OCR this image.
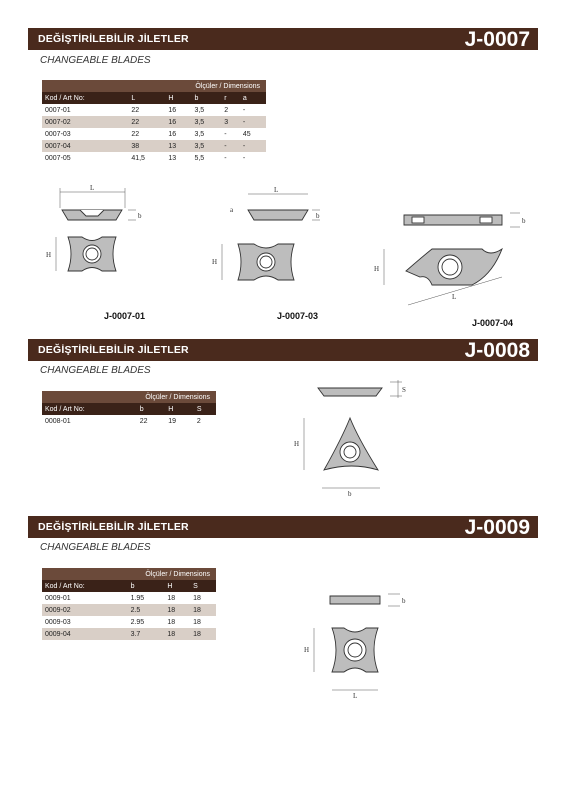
DEĞİŞTİRİLEBİLİR JİLETLER	J-0007
CHANGEABLE BLADES
Ölçüler / Dimensions					
Kod / Art No:	L	H	b	r	a
0007-01	22	16	3,5	2	-
0007-02	22	16	3,5	3	-
0007-03	22	16	3,5	-	45
0007-04	38	13	3,5	-	-
0007-05	41,5	13	5,5	-	-
L
b
H
J-0007-01
L
a
b
H
J-0007-03
b
H
L
J-0007-04
DEĞİŞTİRİLEBİLİR JİLETLER	J-0008
CHANGEABLE BLADES
Ölçüler / Dimensions			
Kod / Art No:	b	H	S
0008-01	22	19	2
S
H
b
DEĞİŞTİRİLEBİLİR JİLETLER	J-0009
CHANGEABLE BLADES
Ölçüler / Dimensions			
Kod / Art No:	b	H	S
0009-01	1.95	18	18
0009-02	2.5	18	18
0009-03	2.95	18	18
0009-04	3.7	18	18
b
H
L
